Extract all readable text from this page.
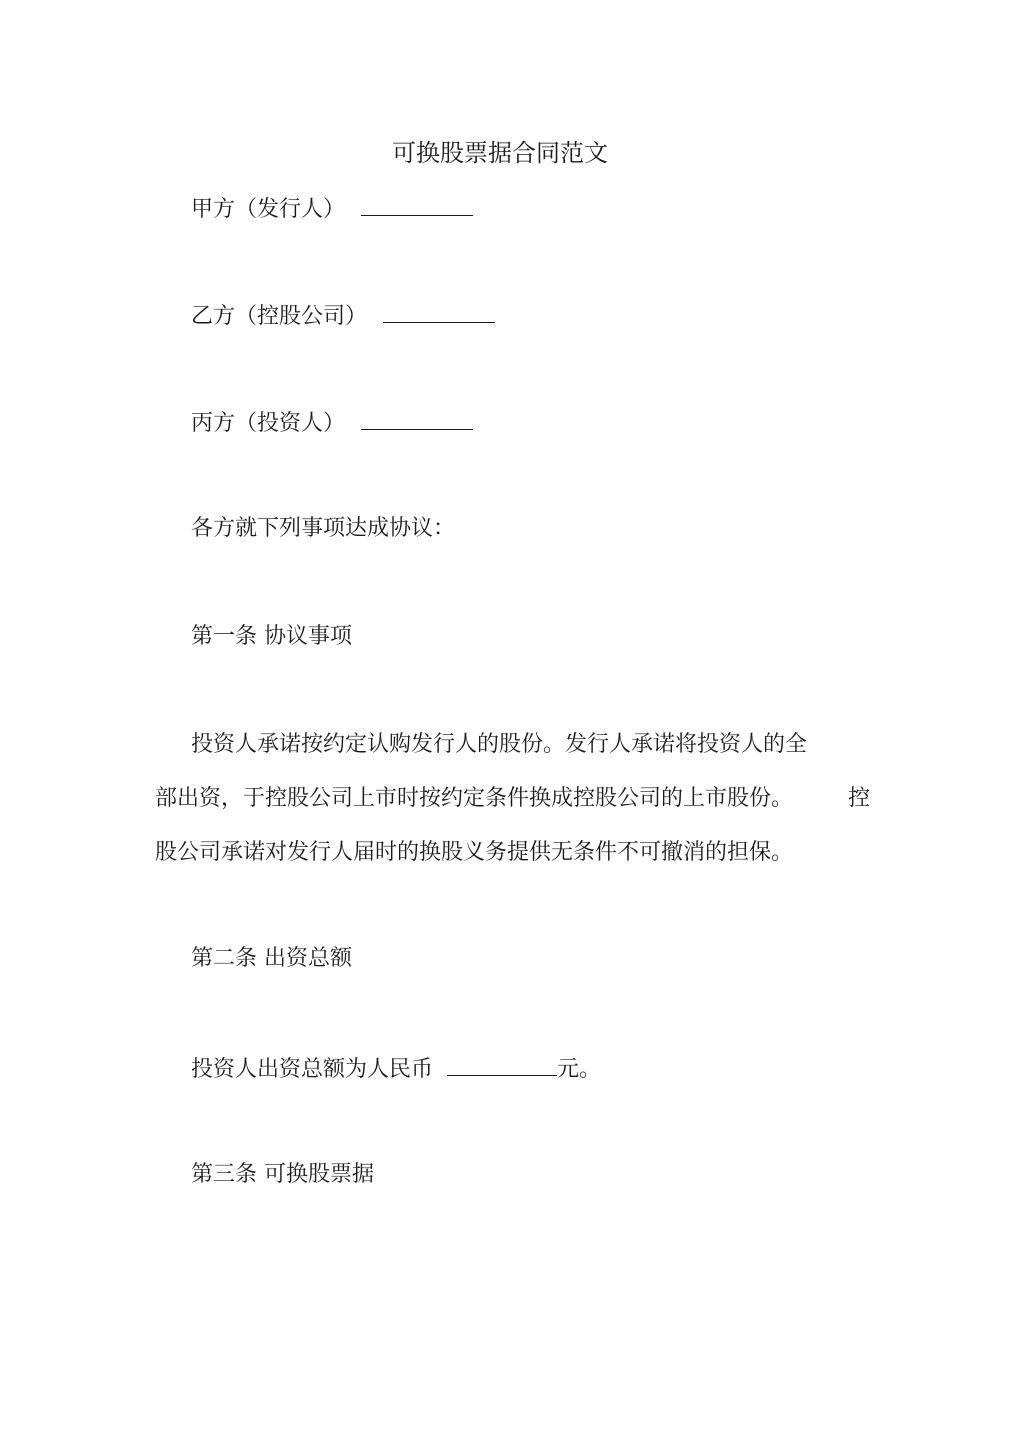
可换股票据合同范文
甲方（发行人）
乙方（控股公司）
丙方（投资人）
各方就下列事项达成协议：
第一条 协议事项
投资人承诺按约定认购发行人的股份。发行人承诺将投资人的全
部出资，于控股公司上市时按约定条件换成控股公司的上市股份。 控
股公司承诺对发行人届时的换股义务提供无条件不可撤消的担保。
第二条 出资总额
投资人出资总额为人民币	元。
第三条 可换股票据
